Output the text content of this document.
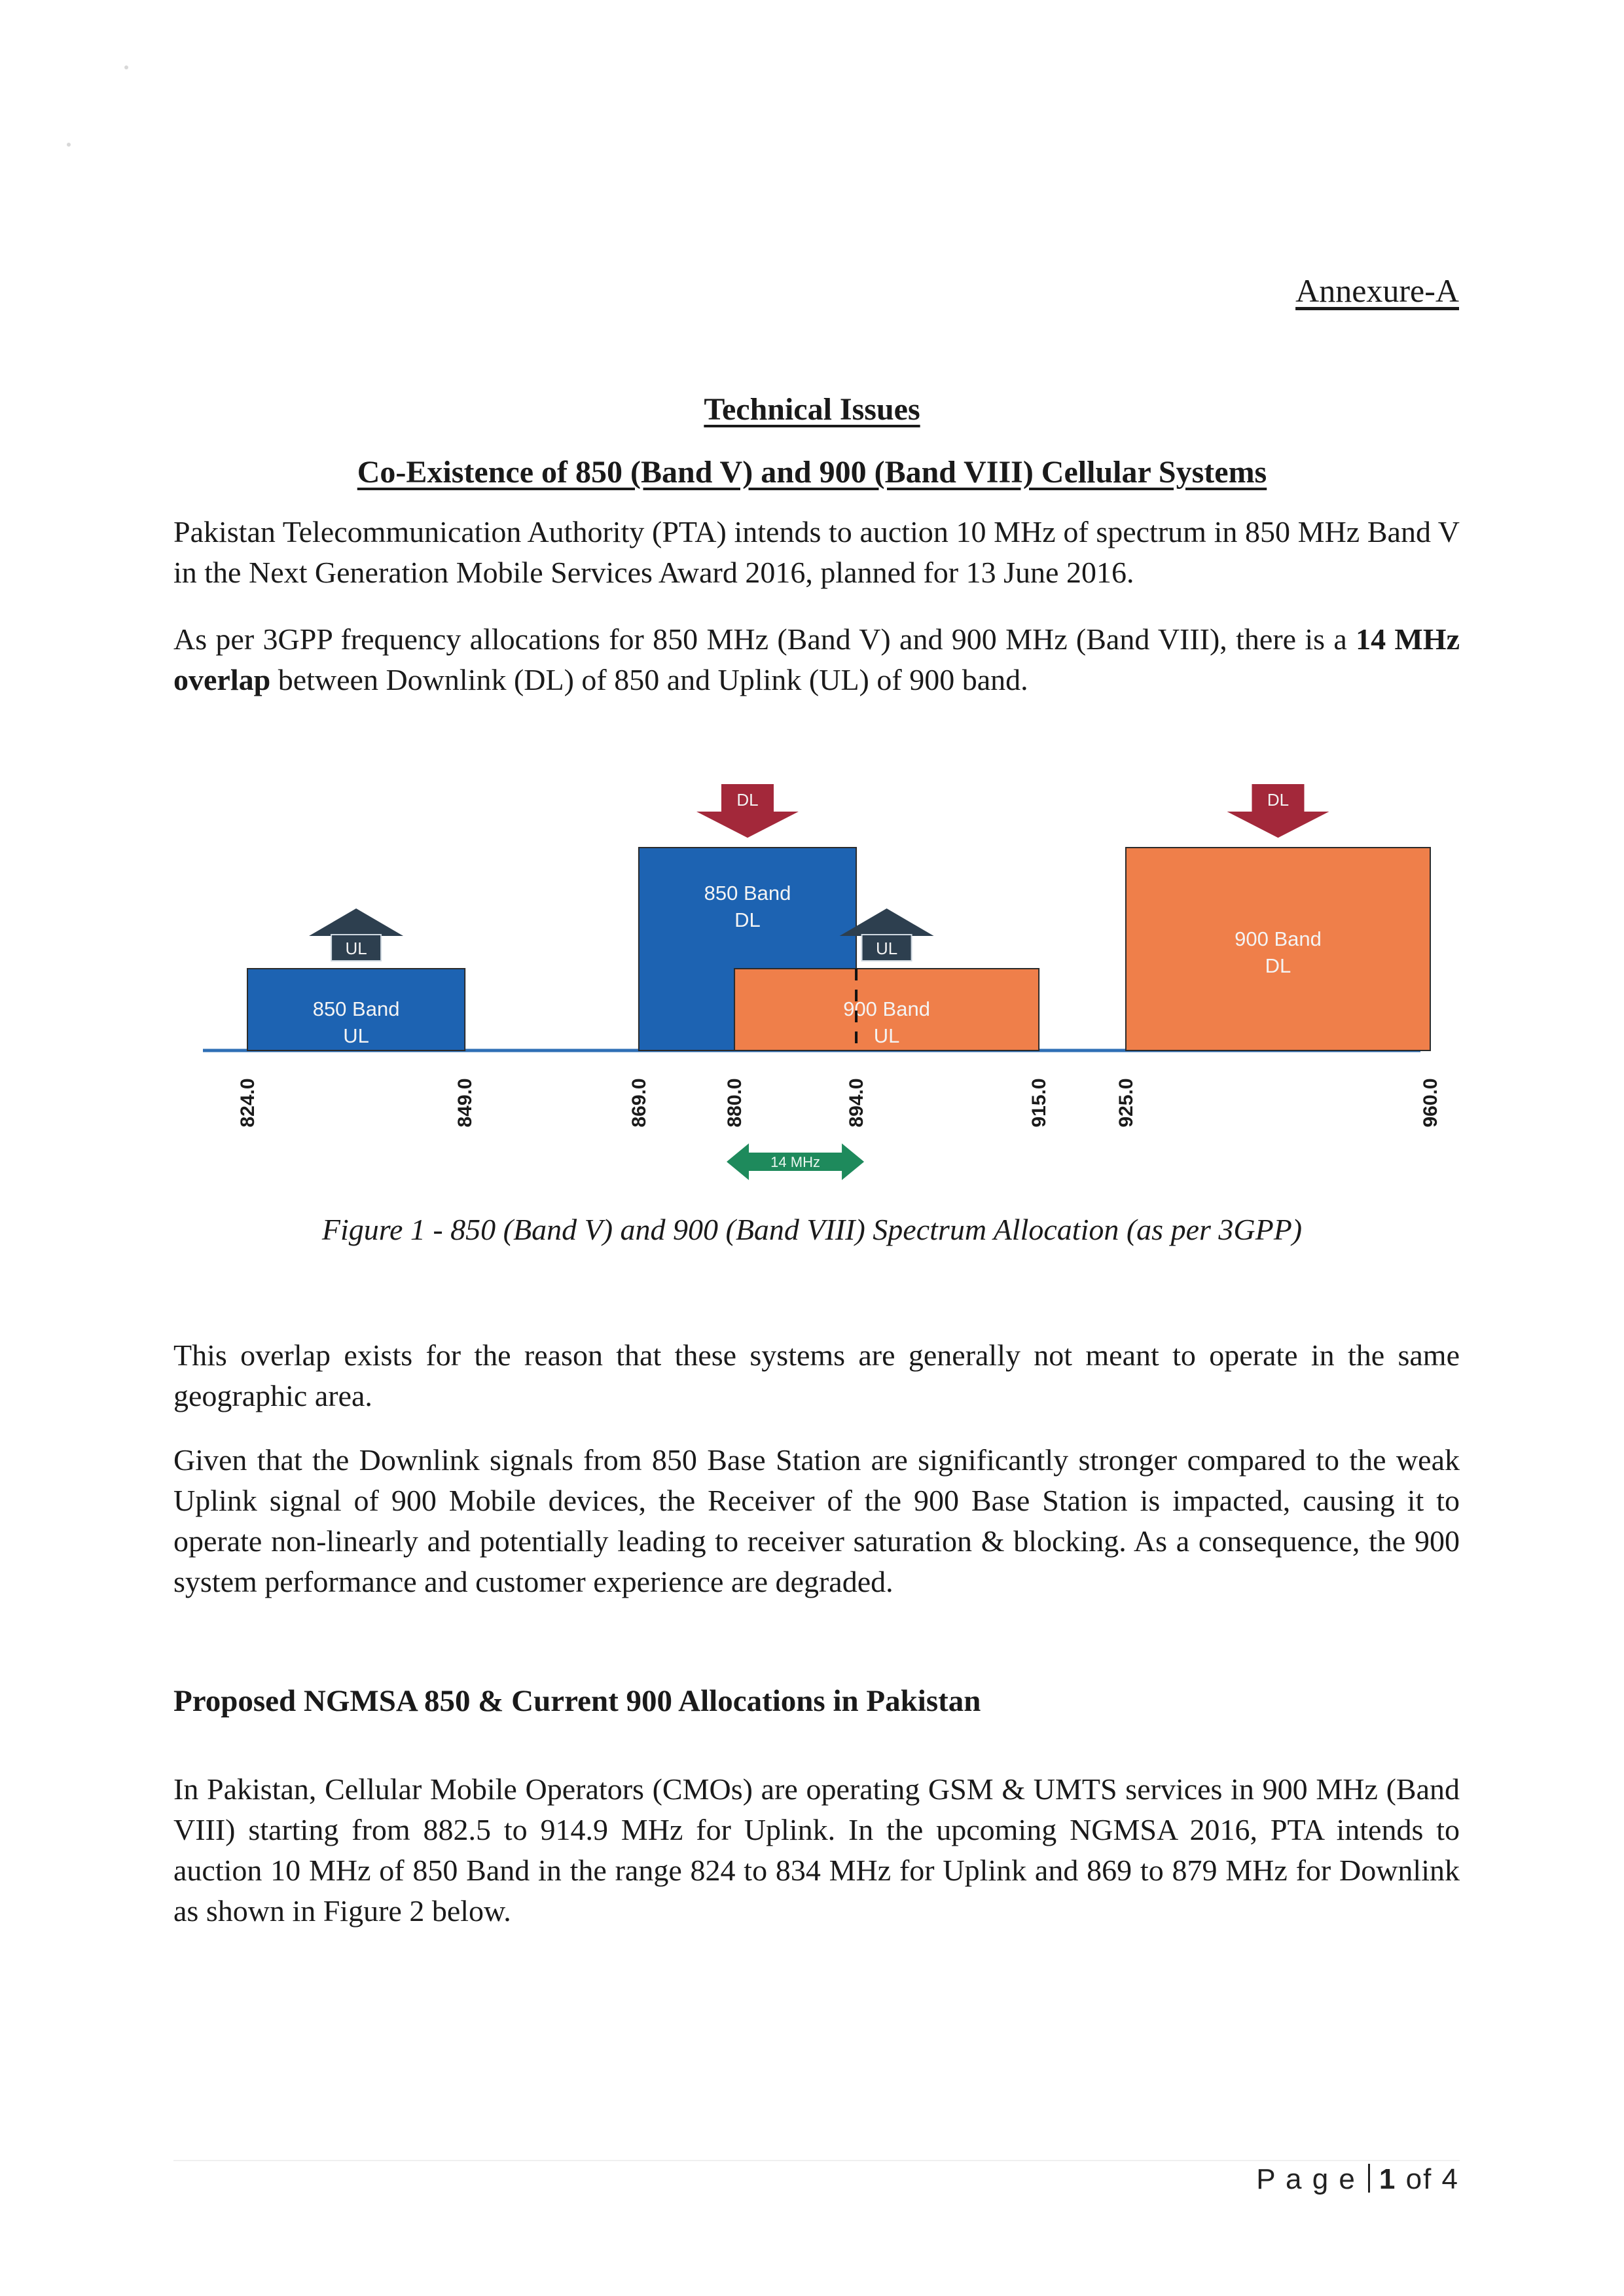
Annexure-A
Technical Issues
Co-Existence of 850 (Band V) and 900 (Band VIII) Cellular Systems
Pakistan Telecommunication Authority (PTA) intends to auction 10 MHz of spectrum in 850 MHz Band V in the Next Generation Mobile Services Award 2016, planned for 13 June 2016.
As per 3GPP frequency allocations for 850 MHz (Band V) and 900 MHz (Band VIII), there is a 14 MHz overlap between Downlink (DL) of 850 and Uplink (UL) of 900 band.
850 Band
UL
850 Band
DL
900 Band
UL
900 Band
DL
UL
DL
UL
DL
824.0	849.0	869.0	880.0	894.0	915.0	925.0	960.0
14 MHz
Figure 1 - 850 (Band V) and 900 (Band VIII) Spectrum Allocation (as per 3GPP)
This overlap exists for the reason that these systems are generally not meant to operate in the same geographic area.
Given that the Downlink signals from 850 Base Station are significantly stronger compared to the weak Uplink signal of 900 Mobile devices, the Receiver of the 900 Base Station is impacted, causing it to operate non-linearly and potentially leading to receiver saturation & blocking. As a consequence, the 900 system performance and customer experience are degraded.
Proposed NGMSA 850 & Current 900 Allocations in Pakistan
In Pakistan, Cellular Mobile Operators (CMOs) are operating GSM & UMTS services in 900 MHz (Band VIII) starting from 882.5 to 914.9 MHz for Uplink. In the upcoming NGMSA 2016, PTA intends to auction 10 MHz of 850 Band in the range 824 to 834 MHz for Uplink and 869 to 879 MHz for Downlink as shown in Figure 2 below.
P a g e 1 of 4
